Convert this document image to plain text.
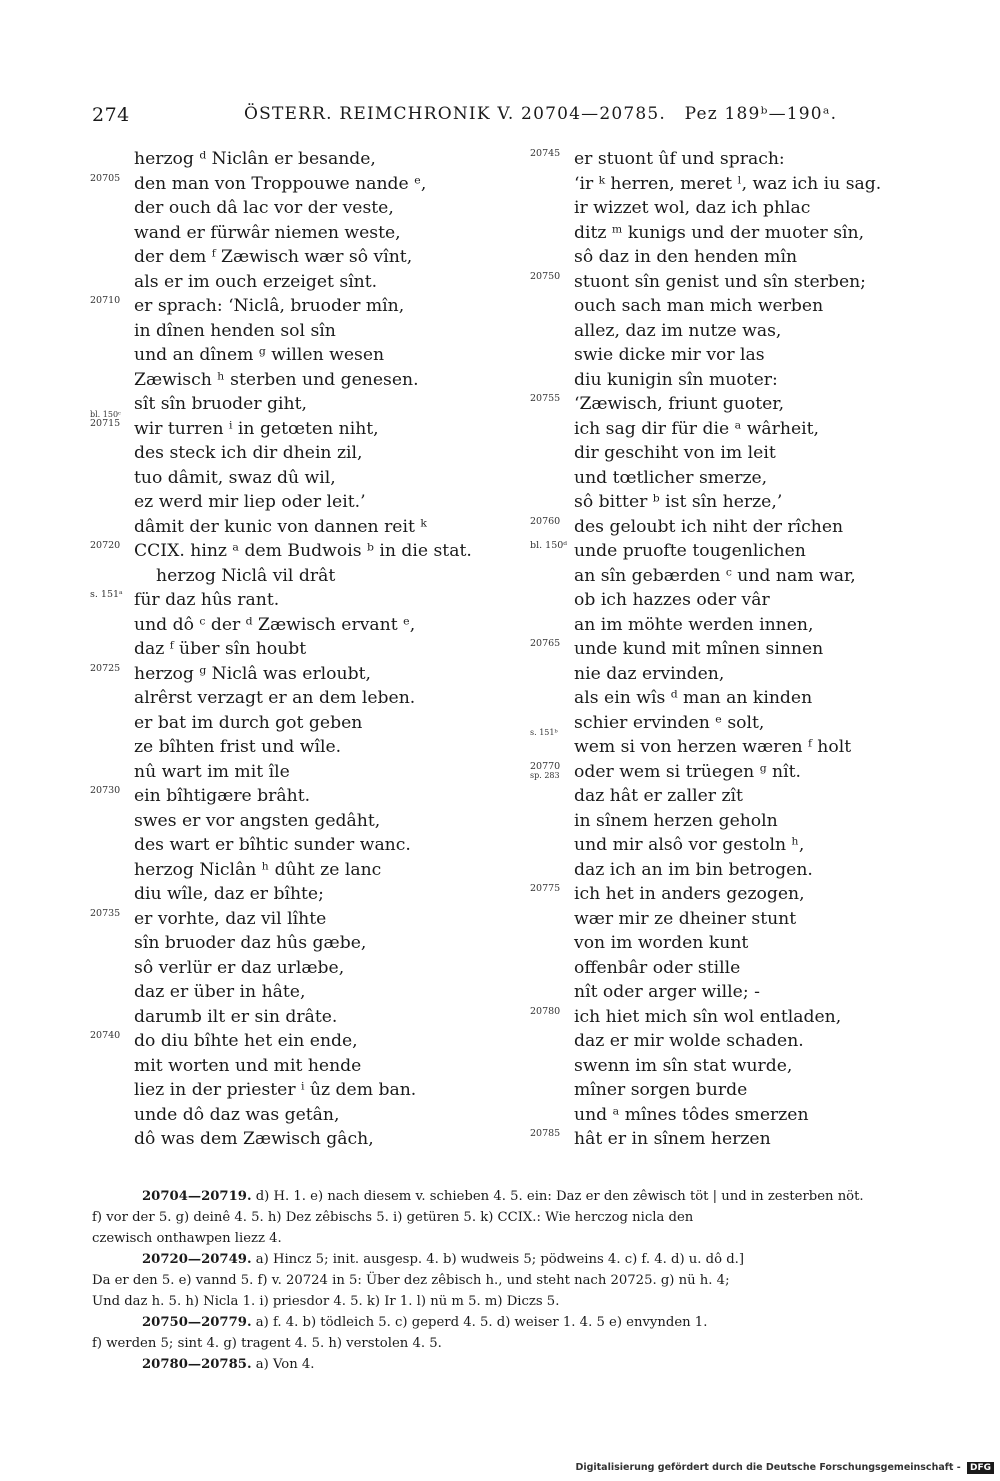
274	ÖSTERR. REIMCHRONIK V. 20704—20785. Pez 189ᵇ—190ᵃ.
herzog ᵈ Niclân er besande,
20705 den man von Troppouwe nande ᵉ,
der ouch dâ lac vor der veste,
wand er fürwâr niemen weste,
der dem ᶠ Zæwisch wær sô vînt,
als er im ouch erzeiget sînt.
20710 er sprach: ‘Niclâ, bruoder mîn,
in dînen henden sol sîn
und an dînem ᵍ willen wesen
Zæwisch ʰ sterben und genesen.
sît sîn bruoder giht,
bl. 150ᶜ
20715 wir turren ⁱ in getœten niht,
des steck ich dir dhein zil,
tuo dâmit, swaz dû wil,
ez werd mir liep oder leit.’
dâmit der kunic von dannen reit ᵏ
20720 CCIX. hinz ᵃ dem Budwois ᵇ in die stat.
herzog Niclâ vil drât
s. 151ᵃ für daz hûs rant.
und dô ᶜ der ᵈ Zæwisch ervant ᵉ,
daz ᶠ über sîn houbt
20725 herzog ᵍ Niclâ was erloubt,
alrêrst verzagt er an dem leben.
er bat im durch got geben
ze bîhten frist und wîle.
nû wart im mit île
20730 ein bîhtigære brâht.
swes er vor angsten gedâht,
des wart er bîhtic sunder wanc.
herzog Niclân ʰ dûht ze lanc
diu wîle, daz er bîhte;
20735 er vorhte, daz vil lîhte
sîn bruoder daz hûs gæbe,
sô verlür er daz urlæbe,
daz er über in hâte,
darumb ilt er sin drâte.
20740 do diu bîhte het ein ende,
mit worten und mit hende
liez in der priester ⁱ ûz dem ban.
unde dô daz was getân,
dô was dem Zæwisch gâch,
20745 er stuont ûf und sprach:
‘ir ᵏ herren, meret ˡ, waz ich iu sag.
ir wizzet wol, daz ich phlac
ditz ᵐ kunigs und der muoter sîn,
sô daz in den henden mîn
20750 stuont sîn genist und sîn sterben;
ouch sach man mich werben
allez, daz im nutze was,
swie dicke mir vor las
diu kunigin sîn muoter:
20755 ‘Zæwisch, friunt guoter,
ich sag dir für die ᵃ wârheit,
dir geschiht von im leit
und tœtlicher smerze,
sô bitter ᵇ ist sîn herze,’
20760 des geloubt ich niht der rîchen
bl. 150ᵈ unde pruofte tougenlichen
an sîn gebærden ᶜ und nam war,
ob ich hazzes oder vâr
an im möhte werden innen,
20765 unde kund mit mînen sinnen
nie daz ervinden,
als ein wîs ᵈ man an kinden
schier ervinden ᵉ solt,
s. 151ᵇ
wem si von herzen wæren ᶠ holt
20770
sp. 283 oder wem si trüegen ᵍ nît.
daz hât er zaller zît
in sînem herzen geholn
und mir alsô vor gestoln ʰ,
daz ich an im bin betrogen.
20775 ich het in anders gezogen,
wær mir ze dheiner stunt
von im worden kunt
offenbâr oder stille
nît oder arger wille; -
20780 ich hiet mich sîn wol entladen,
daz er mir wolde schaden.
swenn im sîn stat wurde,
mîner sorgen burde
und ᵃ mînes tôdes smerzen
20785 hât er in sînem herzen
20704—20719. d) H. 1. e) nach diesem v. schieben 4. 5. ein: Daz er den zêwisch töt | und in zesterben nöt.
f) vor der 5. g) deinê 4. 5. h) Dez zêbischs 5. i) getüren 5. k) CCIX.: Wie herczog nicla den
czewisch onthawpen liezz 4.
20720—20749. a) Hincz 5; init. ausgesp. 4. b) wudweis 5; pödweins 4. c) f. 4. d) u. dô d.]
Da er den 5. e) vannd 5. f) v. 20724 in 5: Über dez zêbisch h., und steht nach 20725. g) nü h. 4;
Und daz h. 5. h) Nicla 1. i) priesdor 4. 5. k) Ir 1. l) nü m 5. m) Diczs 5.
20750—20779. a) f. 4. b) tödleich 5. c) geperd 4. 5. d) weiser 1. 4. 5 e) envynden 1.
f) werden 5; sint 4. g) tragent 4. 5. h) verstolen 4. 5.
20780—20785. a) Von 4.
Digitalisierung gefördert durch die Deutsche Forschungsgemeinschaft - DFG
